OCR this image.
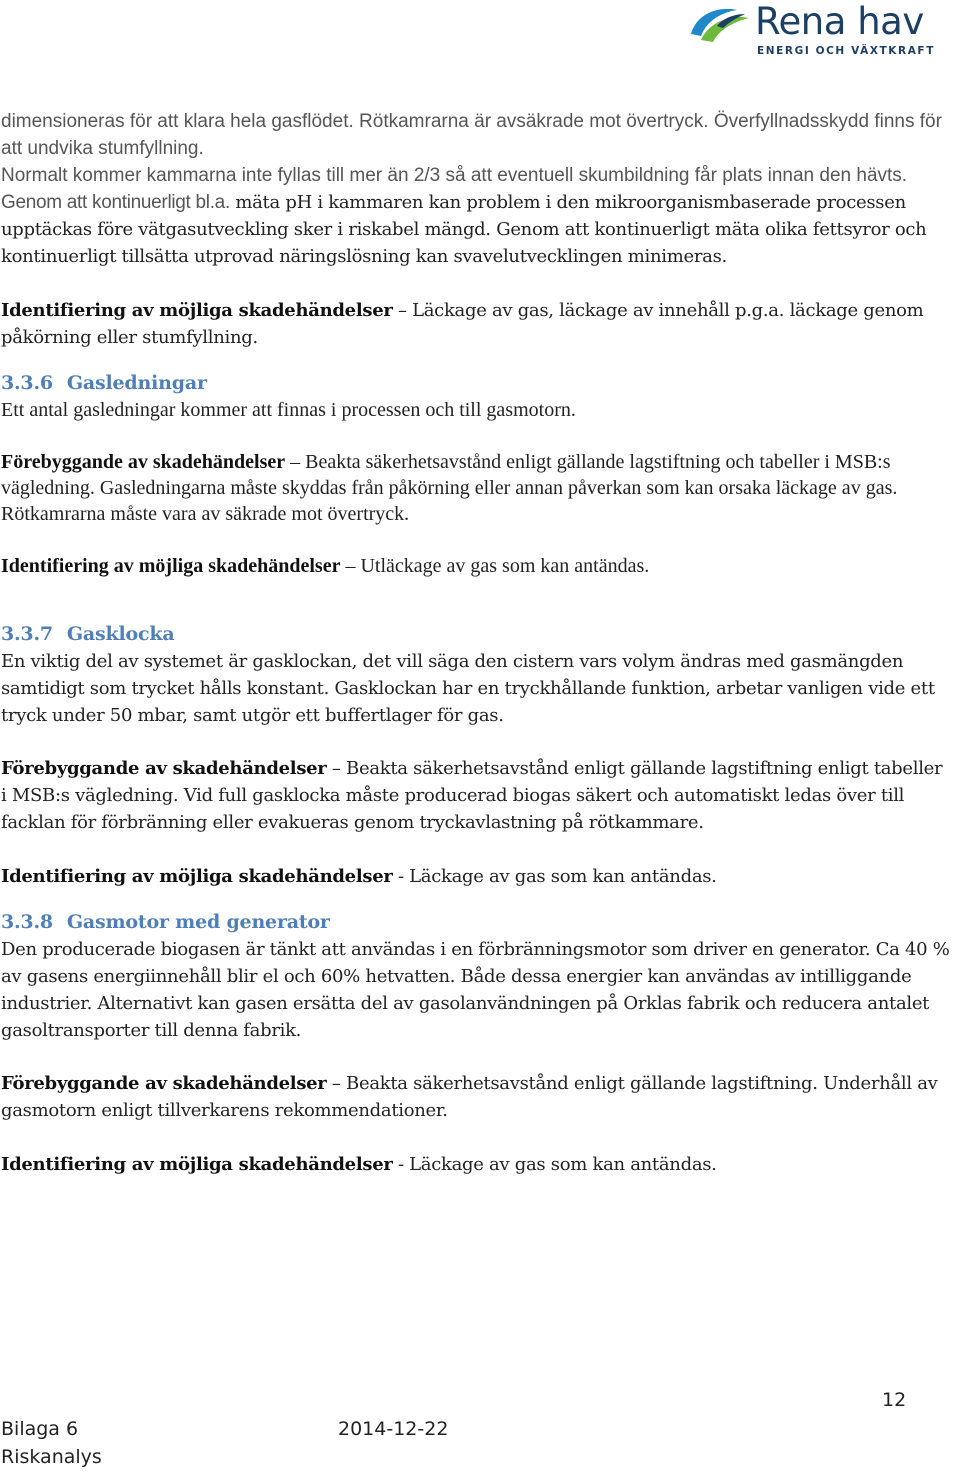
Rena hav
ENERGI OCH VÄXTKRAFT

dimensioneras för att klara hela gasflödet. Rötkamrarna är avsäkrade mot övertryck. Överfyllnadsskydd finns för att undvika stumfyllning.

Normalt kommer kammarna inte fyllas till mer än 2/3 så att eventuell skumbildning får plats innan den hävts.

Genom att kontinuerligt bl.a. mäta pH i kammaren kan problem i den mikroorganismbaserade processen upptäckas före vätgasutveckling sker i riskabel mängd. Genom att kontinuerligt mäta olika fettsyror och kontinuerligt tillsätta utprovad näringslösning kan svavelutvecklingen minimeras.

Identifiering av möjliga skadehändelser – Läckage av gas, läckage av innehåll p.g.a. läckage genom påkörning eller stumfyllning.

3.3.6 Gasledningar

Ett antal gasledningar kommer att finnas i processen och till gasmotorn.

Förebyggande av skadehändelser – Beakta säkerhetsavstånd enligt gällande lagstiftning och tabeller i MSB:s vägledning. Gasledningarna måste skyddas från påkörning eller annan påverkan som kan orsaka läckage av gas. Rötkamrarna måste vara av säkrade mot övertryck.

Identifiering av möjliga skadehändelser – Utläckage av gas som kan antändas.

3.3.7 Gasklocka

En viktig del av systemet är gasklockan, det vill säga den cistern vars volym ändras med gasmängden samtidigt som trycket hålls konstant. Gasklockan har en tryckhållande funktion, arbetar vanligen vide ett tryck under 50 mbar, samt utgör ett buffertlager för gas.

Förebyggande av skadehändelser – Beakta säkerhetsavstånd enligt gällande lagstiftning enligt tabeller i MSB:s vägledning. Vid full gasklocka måste producerad biogas säkert och automatiskt ledas över till facklan för förbränning eller evakueras genom tryckavlastning på rötkammare.

Identifiering av möjliga skadehändelser - Läckage av gas som kan antändas.

3.3.8 Gasmotor med generator

Den producerade biogasen är tänkt att användas i en förbränningsmotor som driver en generator. Ca 40 % av gasens energiinnehåll blir el och 60% hetvatten. Både dessa energier kan användas av intilliggande industrier. Alternativt kan gasen ersätta del av gasolanvändningen på Orklas fabrik och reducera antalet gasoltransporter till denna fabrik.

Förebyggande av skadehändelser – Beakta säkerhetsavstånd enligt gällande lagstiftning. Underhåll av gasmotorn enligt tillverkarens rekommendationer.

Identifiering av möjliga skadehändelser - Läckage av gas som kan antändas.

12
Bilaga 6
Riskanalys
2014-12-22
